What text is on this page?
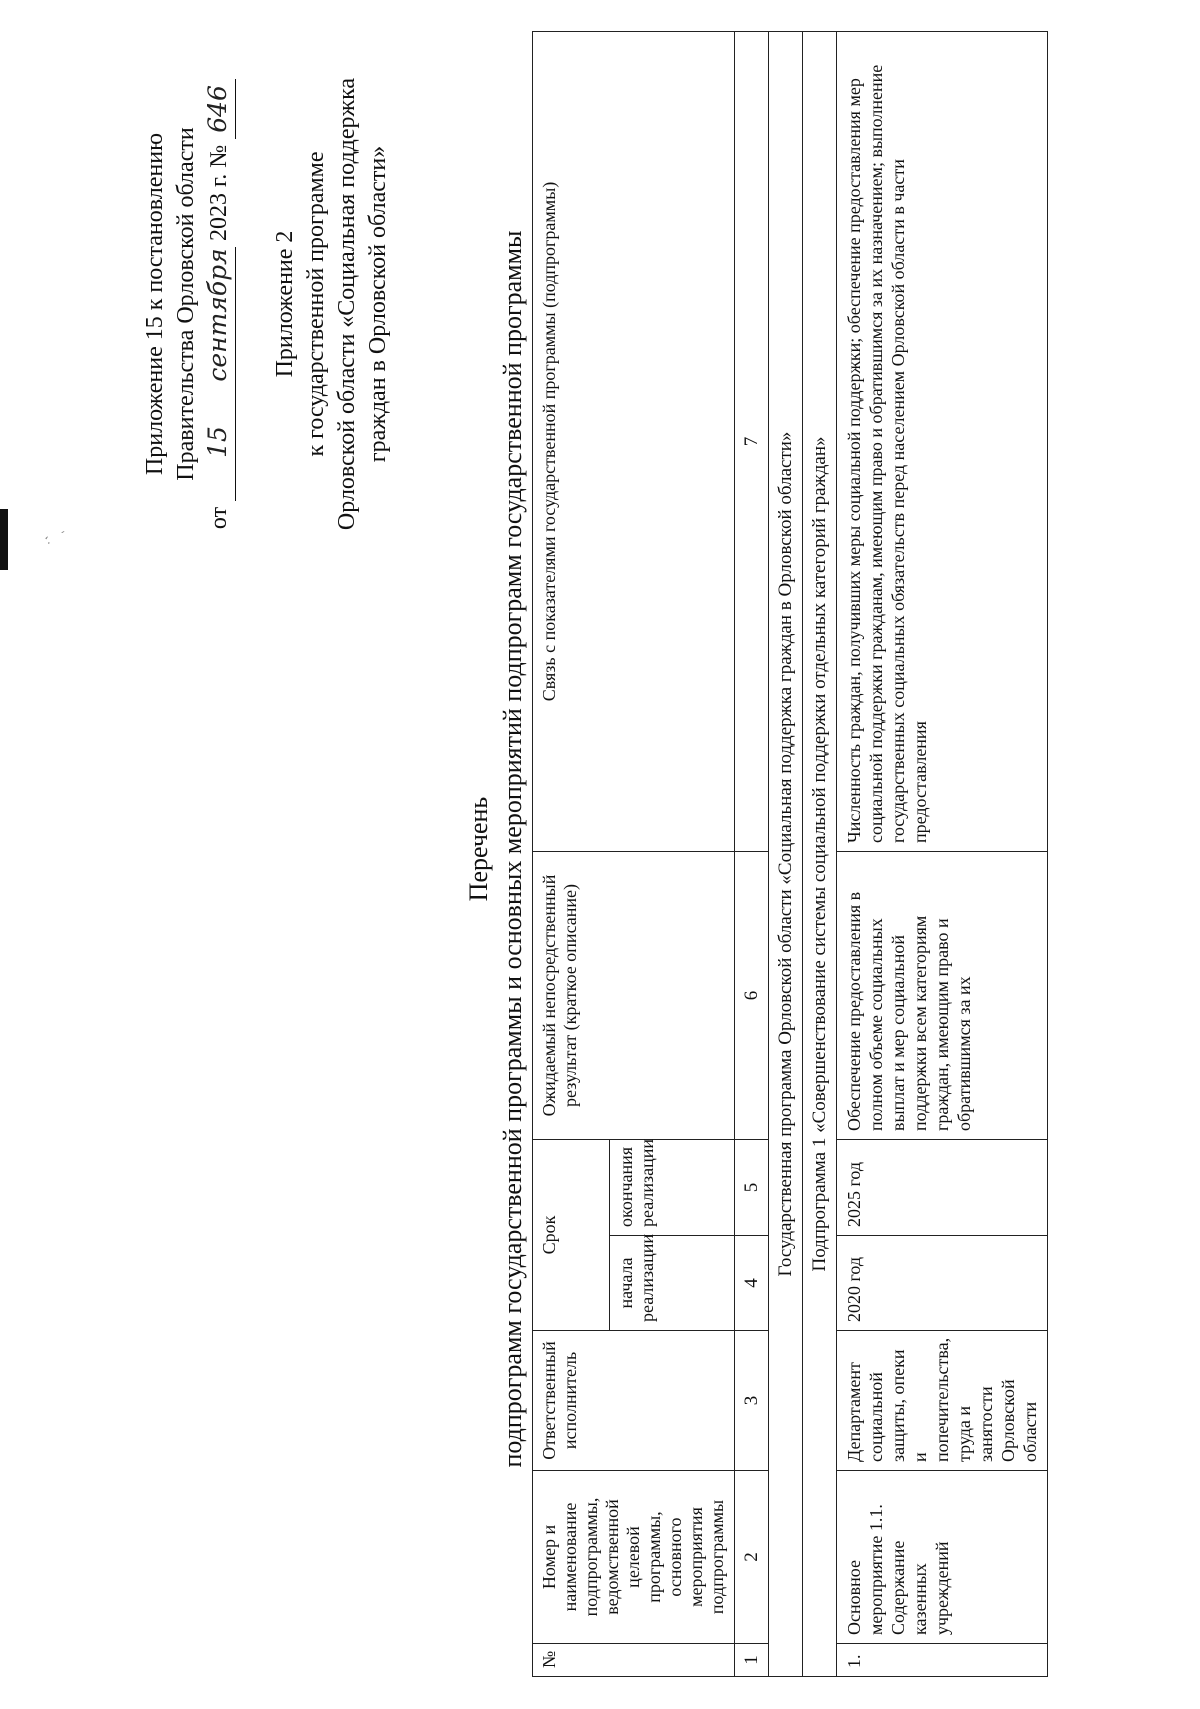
·,
´
Приложение 15 к постановлению Правительства Орловской области
от 15сентября 2023 г. № 646
Приложение 2 к государственной программе Орловской области «Социальная поддержка граждан в Орловской области»
Перечень подпрограмм государственной программы и основных мероприятий подпрограмм государственной программы
№	Номер и наименование подпрограммы, ведомственной целевой программы, основного мероприятия подпрограммы	Ответственный исполнитель	Срок		Ожидаемый непосредственный результат (краткое описание)	Связь с показателями государственной программы (подпрограммы)
			начала реализации	окончания реализации		
1	2	3	4	5	6	7
Государственная программа Орловской области «Социальная поддержка граждан в Орловской области»						
Подпрограмма 1 «Совершенствование системы социальной поддержки отдельных категорий граждан»						
1.	Основное мероприятие 1.1. Содержание казенных учреждений	Департамент социальной защиты, опеки и попечительства, труда и занятости Орловской области	2020 год	2025 год	Обеспечение предоставления в полном объеме социальных выплат и мер социальной поддержки всем категориям граждан, имеющим право и обратившимся за их	Численность граждан, получивших меры социальной поддержки; обеспечение предоставления мер социальной поддержки гражданам, имеющим право и обратившимся за их назначением; выполнение государственных социальных обязательств перед населением Орловской области в части предоставления
